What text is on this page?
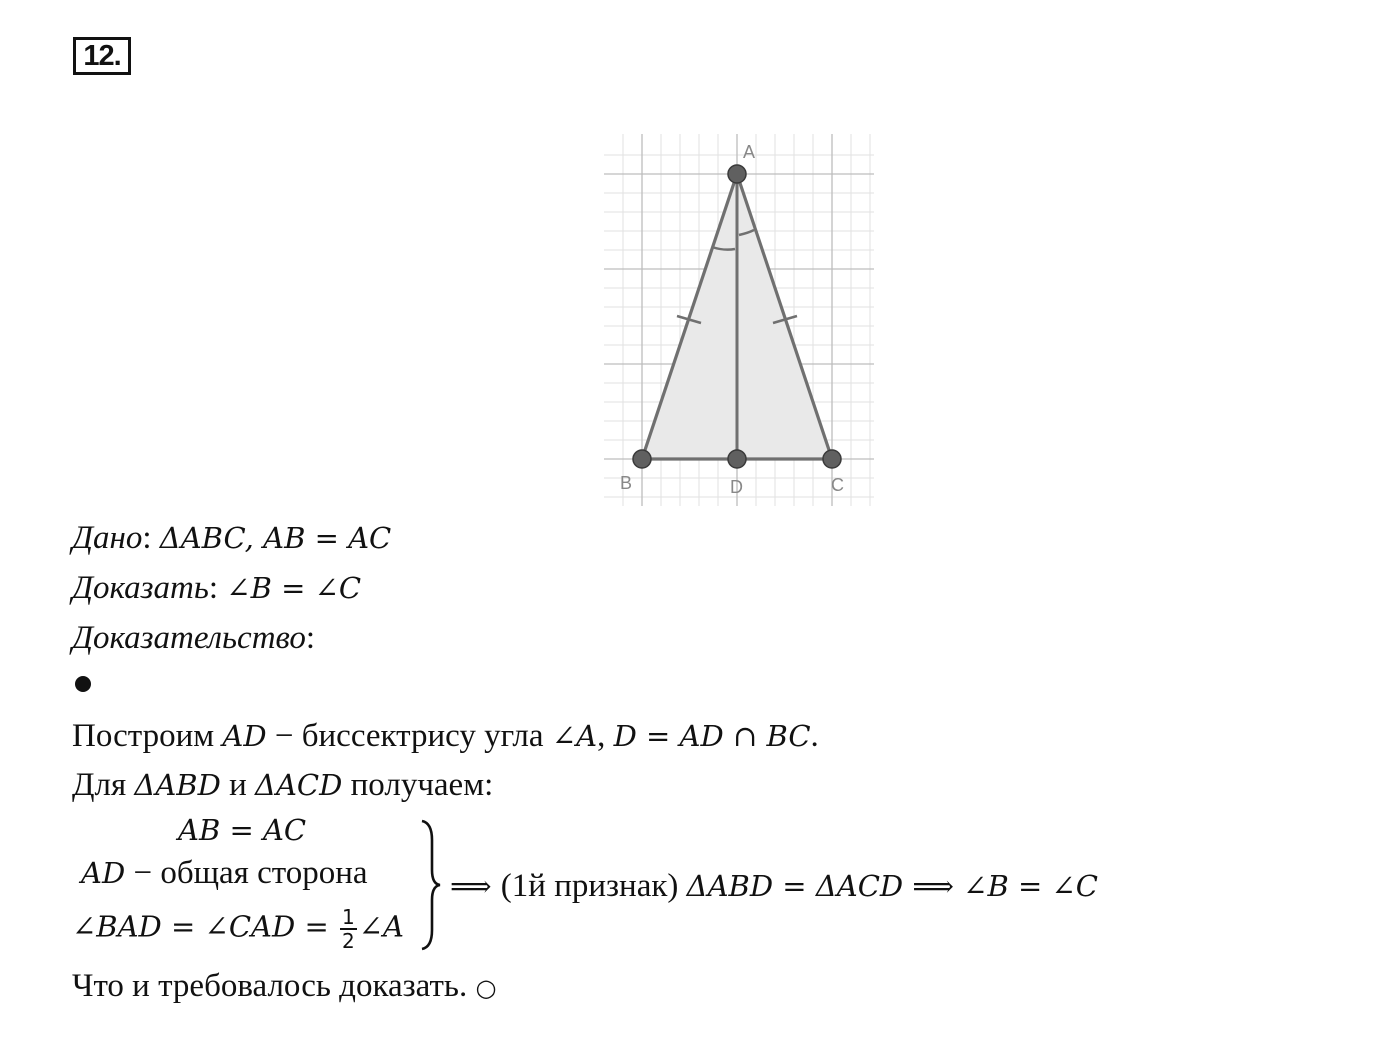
12.
A
B	D	C
Дано: ΔABC, AB = AC
Доказать: ∠B = ∠C
Доказательство:
Построим AD − биссектрису угла ∠A, D = AD ∩ BC.
Для ΔABD и ΔACD получаем:
AB = AC
AD − общая сторона
∠BAD = ∠CAD = $\frac{1}{2}$ ∠A
⟹ (1й признак) ΔABD = ΔACD ⟹ ∠B = ∠C
Что и требовалось доказать. ○
